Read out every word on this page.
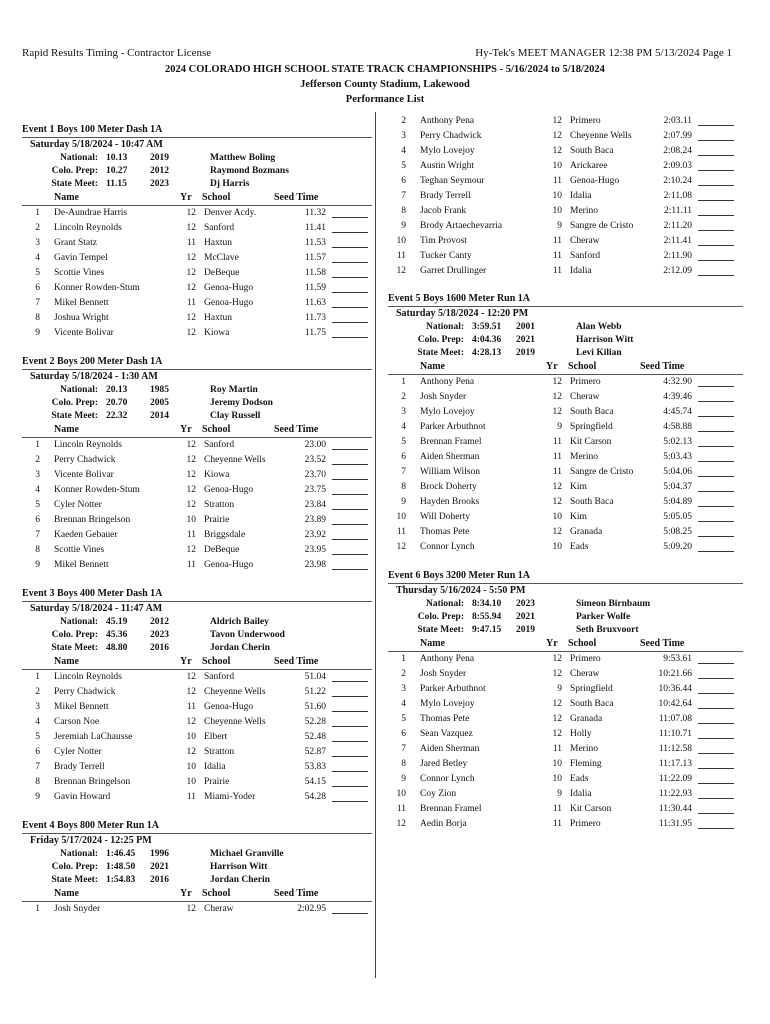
Rapid Results Timing - Contractor License	Hy-Tek's MEET MANAGER 12:38 PM 5/13/2024 Page 1
2024 COLORADO HIGH SCHOOL STATE TRACK CHAMPIONSHIPS - 5/16/2024 to 5/18/2024
Jefferson County Stadium, Lakewood
Performance List
Event 1 Boys 100 Meter Dash 1A
Saturday 5/18/2024 - 10:47 AM
National: 10.13 2019	Matthew Boling
Colo. Prep: 10.27 2012	Raymond Bozmans
State Meet: 11.15 2023	Dj Harris
Name	Yr School	Seed Time
1 De-Aundrae Harris	12 Denver Acdy.	11.32
2 Lincoln Reynolds	12 Sanford	11.41
3 Grant Statz	11 Haxtun	11.53
4 Gavin Tempel	12 McClave	11.57
5 Scottie Vines	12 DeBeque	11.58
6 Konner Rowden-Stum	12 Genoa-Hugo	11.59
7 Mikel Bennett	11 Genoa-Hugo	11.63
8 Joshua Wright	12 Haxtun	11.73
9 Vicente Bolivar	12 Kiowa	11.75
Event 2 Boys 200 Meter Dash 1A
Saturday 5/18/2024 - 1:30 AM
National: 20.13 1985	Roy Martin
Colo. Prep: 20.70 2005	Jeremy Dodson
State Meet: 22.32 2014	Clay Russell
Name	Yr School	Seed Time
1 Lincoln Reynolds	12 Sanford	23.00
2 Perry Chadwick	12 Cheyenne Wells	23.52
3 Vicente Bolivar	12 Kiowa	23.70
4 Konner Rowden-Stum	12 Genoa-Hugo	23.75
5 Cyler Notter	12 Stratton	23.84
6 Brennan Bringelson	10 Prairie	23.89
7 Kaeden Gebauer	11 Briggsdale	23.92
8 Scottie Vines	12 DeBeque	23.95
9 Mikel Bennett	11 Genoa-Hugo	23.98
Event 3 Boys 400 Meter Dash 1A
Saturday 5/18/2024 - 11:47 AM
National: 45.19 2012	Aldrich Bailey
Colo. Prep: 45.36 2023	Tavon Underwood
State Meet: 48.80 2016	Jordan Cherin
Name	Yr School	Seed Time
1 Lincoln Reynolds	12 Sanford	51.04
2 Perry Chadwick	12 Cheyenne Wells	51.22
3 Mikel Bennett	11 Genoa-Hugo	51.60
4 Carson Noe	12 Cheyenne Wells	52.28
5 Jeremiah LaChausse	10 Elbert	52.48
6 Cyler Notter	12 Stratton	52.87
7 Brady Terrell	10 Idalia	53.83
8 Brennan Bringelson	10 Prairie	54.15
9 Gavin Howard	11 Miami-Yoder	54.28
Event 4 Boys 800 Meter Run 1A
Friday 5/17/2024 - 12:25 PM
National: 1:46.45 1996	Michael Granville
Colo. Prep: 1:48.50 2021	Harrison Witt
State Meet: 1:54.83 2016	Jordan Cherin
Name	Yr School	Seed Time
1 Josh Snyder	12 Cheraw	2:02.95
2 Anthony Pena	12 Primero	2:03.11
3 Perry Chadwick	12 Cheyenne Wells	2:07.99
4 Mylo Lovejoy	12 South Baca	2:08.24
5 Austin Wright	10 Arickaree	2:09.03
6 Teghan Seymour	11 Genoa-Hugo	2:10.24
7 Brady Terrell	10 Idalia	2:11.08
8 Jacob Frank	10 Merino	2:11.11
9 Brody Artaechevarria	9 Sangre de Cristo	2:11.20
10 Tim Provost	11 Cheraw	2:11.41
11 Tucker Canty	11 Sanford	2:11.90
12 Garret Drullinger	11 Idalia	2:12.09
Event 5 Boys 1600 Meter Run 1A
Saturday 5/18/2024 - 12:20 PM
National: 3:59.51 2001	Alan Webb
Colo. Prep: 4:04.36 2021	Harrison Witt
State Meet: 4:28.13 2019	Levi Kilian
Name	Yr School	Seed Time
1 Anthony Pena	12 Primero	4:32.90
2 Josh Snyder	12 Cheraw	4:39.46
3 Mylo Lovejoy	12 South Baca	4:45.74
4 Parker Arbuthnot	9 Springfield	4:58.88
5 Brennan Framel	11 Kit Carson	5:02.13
6 Aiden Sherman	11 Merino	5:03.43
7 William Wilson	11 Sangre de Cristo	5:04.06
8 Brock Doherty	12 Kim	5:04.37
9 Hayden Brooks	12 South Baca	5:04.89
10 Will Doherty	10 Kim	5:05.05
11 Thomas Pete	12 Granada	5:08.25
12 Connor Lynch	10 Eads	5:09.20
Event 6 Boys 3200 Meter Run 1A
Thursday 5/16/2024 - 5:50 PM
National: 8:34.10 2023	Simeon Birnbaum
Colo. Prep: 8:55.94 2021	Parker Wolfe
State Meet: 9:47.15 2019	Seth Bruxvoort
Name	Yr School	Seed Time
1 Anthony Pena	12 Primero	9:53.61
2 Josh Snyder	12 Cheraw	10:21.66
3 Parker Arbuthnot	9 Springfield	10:36.44
4 Mylo Lovejoy	12 South Baca	10:42.64
5 Thomas Pete	12 Granada	11:07.08
6 Sean Vazquez	12 Holly	11:10.71
7 Aiden Sherman	11 Merino	11:12.58
8 Jared Betley	10 Fleming	11:17.13
9 Connor Lynch	10 Eads	11:22.09
10 Coy Zion	9 Idalia	11:22.93
11 Brennan Framel	11 Kit Carson	11:30.44
12 Aedin Borja	11 Primero	11:31.95
